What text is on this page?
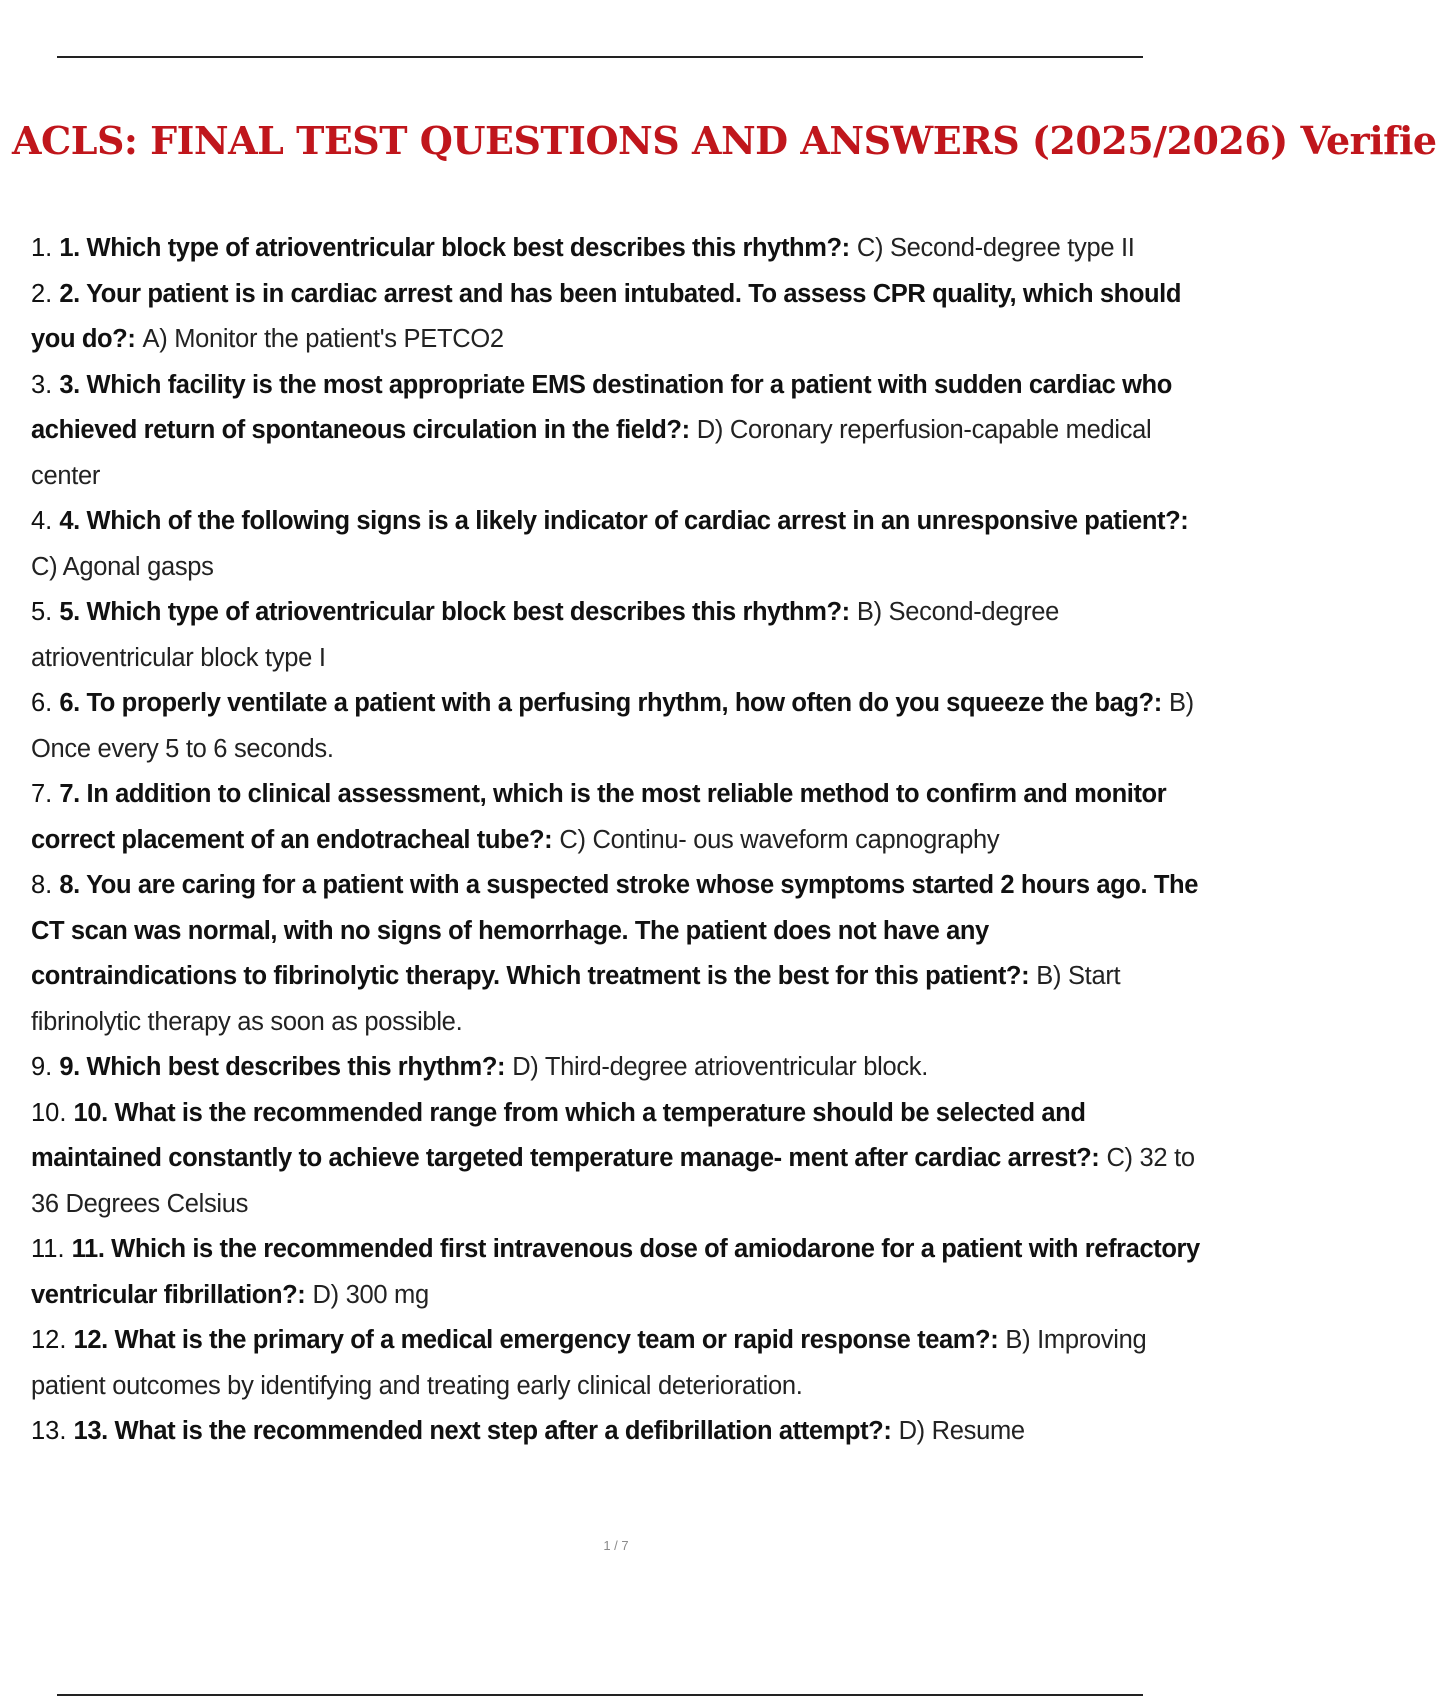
ACLS: FINAL TEST QUESTIONS AND ANSWERS (2025/2026) Verifie
1. 1. Which type of atrioventricular block best describes this rhythm?: C) Second-degree type II
2. 2. Your patient is in cardiac arrest and has been intubated. To assess CPR quality, which should you do?: A) Monitor the patient's PETCO2
3. 3. Which facility is the most appropriate EMS destination for a patient with sudden cardiac who achieved return of spontaneous circulation in the field?: D) Coronary reperfusion-capable medical center
4. 4. Which of the following signs is a likely indicator of cardiac arrest in an unresponsive patient?: C) Agonal gasps
5. 5. Which type of atrioventricular block best describes this rhythm?: B) Second-degree atrioventricular block type I
6. 6. To properly ventilate a patient with a perfusing rhythm, how often do you squeeze the bag?: B) Once every 5 to 6 seconds.
7. 7. In addition to clinical assessment, which is the most reliable method to confirm and monitor correct placement of an endotracheal tube?: C) Continu- ous waveform capnography
8. 8. You are caring for a patient with a suspected stroke whose symptoms started 2 hours ago. The CT scan was normal, with no signs of hemorrhage. The patient does not have any contraindications to fibrinolytic therapy. Which treatment is the best for this patient?: B) Start fibrinolytic therapy as soon as possible.
9. 9. Which best describes this rhythm?: D) Third-degree atrioventricular block.
10. 10. What is the recommended range from which a temperature should be selected and maintained constantly to achieve targeted temperature manage- ment after cardiac arrest?: C) 32 to 36 Degrees Celsius
11. 11. Which is the recommended first intravenous dose of amiodarone for a patient with refractory ventricular fibrillation?: D) 300 mg
12. 12. What is the primary of a medical emergency team or rapid response team?: B) Improving patient outcomes by identifying and treating early clinical deterioration.
13. 13. What is the recommended next step after a defibrillation attempt?: D) Resume
1 / 7
